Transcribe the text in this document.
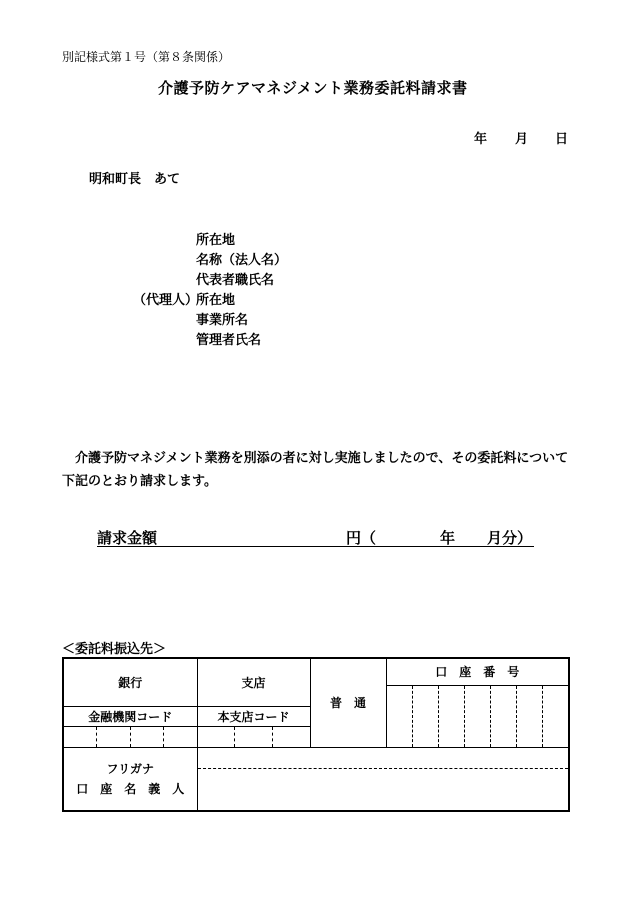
別記様式第１号（第８条関係）
介護予防ケアマネジメント業務委託料請求書
年 月 日
明和町長　あて
所在地
名称（法人名）
代表者職氏名
（代理人）
所在地
事業所名
管理者氏名
介護予防マネジメント業務を別添の者に対し実施しましたので、その委託料について下記のとおり請求します。
請求金額	円（	年 月分）
＜委託料振込先＞
銀行	支店	普　通	口　座　番　号

金融機関コード	本支店コード		

フリガナ
口　座　名　義　人			
